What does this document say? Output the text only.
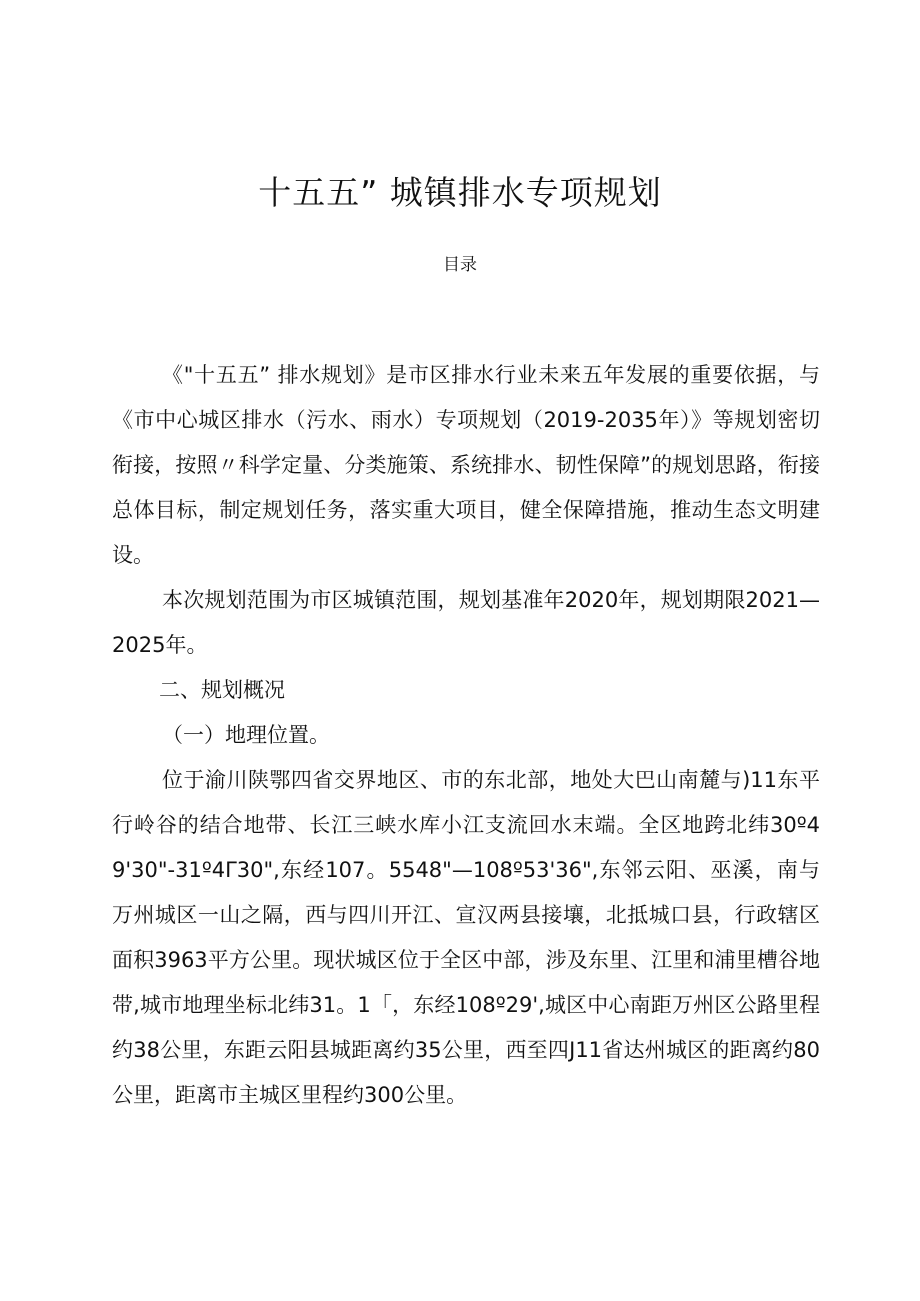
十五五” 城镇排水专项规划
目录

《"十五五” 排水规划》是市区排水行业未来五年发展的重要依据，与《市中心城区排水（污水、雨水）专项规划（2019-2035年）》等规划密切衔接，按照〃科学定量、分类施策、系统排水、韧性保障”的规划思路，衔接总体目标，制定规划任务，落实重大项目，健全保障措施，推动生态文明建设。

本次规划范围为市区城镇范围，规划基准年2020年，规划期限2021—2025年。

二、规划概况

（一）地理位置。

位于渝川陕鄂四省交界地区、市的东北部，地处大巴山南麓与)11东平行岭谷的结合地带、长江三峡水库小江支流回水末端。全区地跨北纬30º49'30"-31º4Γ30",东经107。5548"—108º53'36",东邻云阳、巫溪，南与万州城区一山之隔，西与四川开江、宣汉两县接壤，北抵城口县，行政辖区面积3963平方公里。现状城区位于全区中部，涉及东里、江里和浦里槽谷地带,城市地理坐标北纬31。1「，东经108º29',城区中心南距万州区公路里程约38公里，东距云阳县城距离约35公里，西至四J11省达州城区的距离约80公里，距离市主城区里程约300公里。
